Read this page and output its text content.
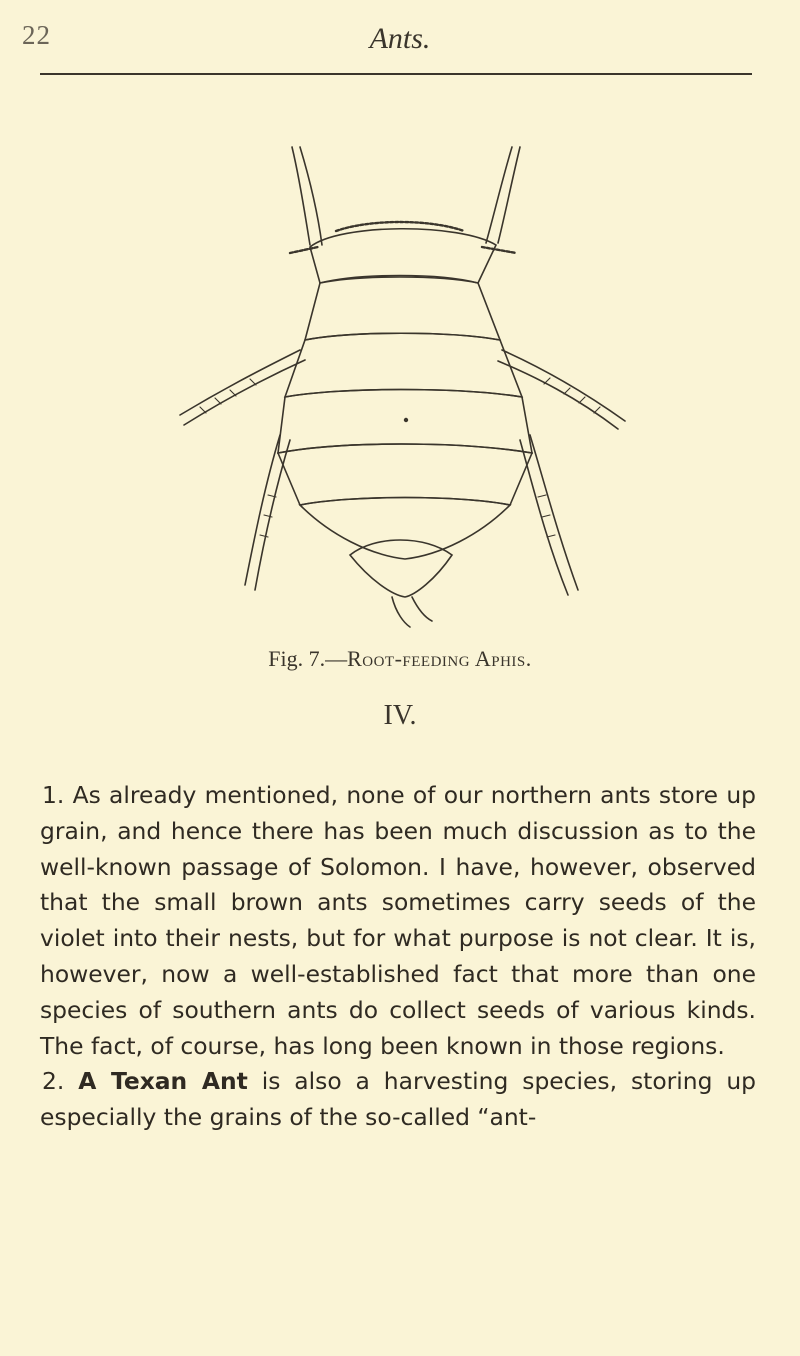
22	Ants.
Fig. 7.—Root-feeding Aphis.
IV.

1. As already mentioned, none of our northern ants store up grain, and hence there has been much discussion as to the well-known passage of Solomon. I have, however, observed that the small brown ants sometimes carry seeds of the violet into their nests, but for what purpose is not clear. It is, however, now a well-established fact that more than one species of southern ants do collect seeds of various kinds. The fact, of course, has long been known in those regions.

2. A Texan Ant is also a harvesting species, storing up especially the grains of the so-called “ant-
